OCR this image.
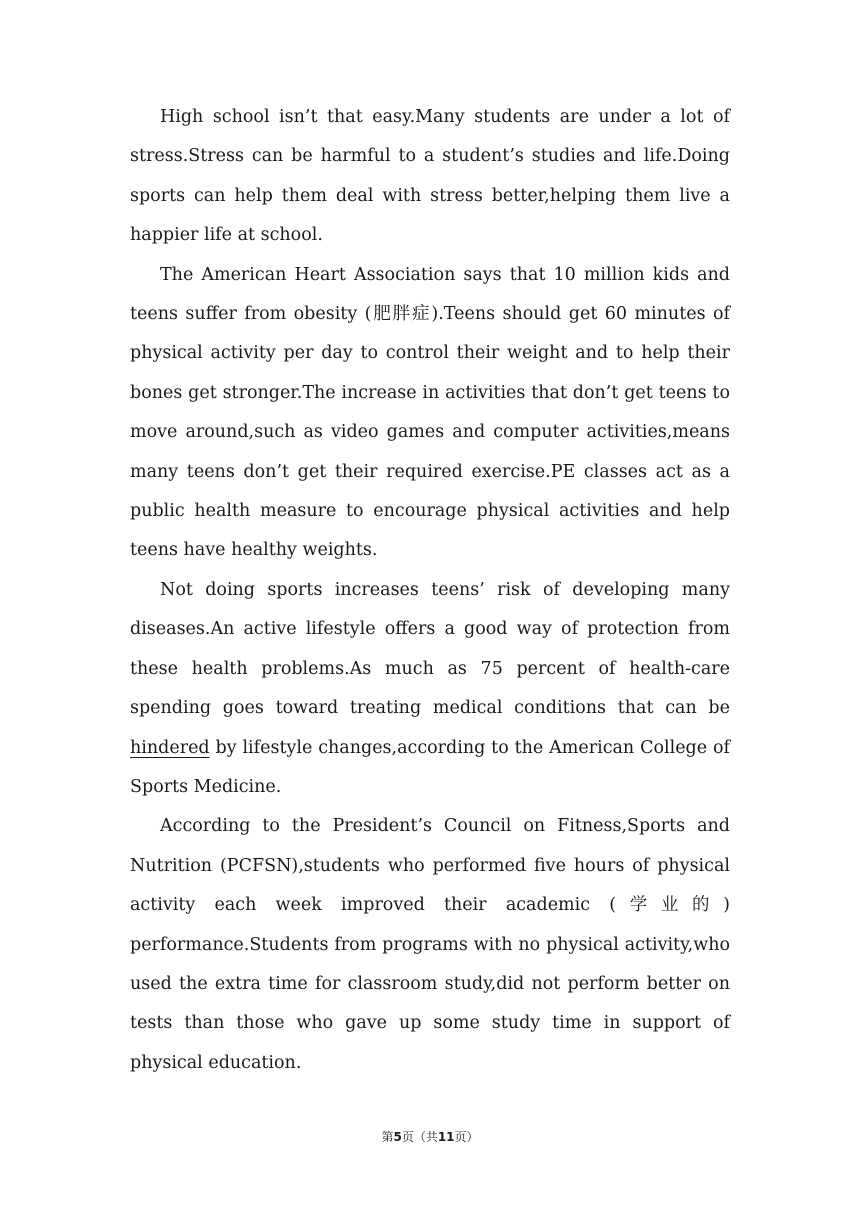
High school isn’t that easy.Many students are under a lot of stress.Stress can be harmful to a student’s studies and life.Doing sports can help them deal with stress better,helping them live a happier life at school.

The American Heart Association says that 10 million kids and teens suffer from obesity (肥胖症).Teens should get 60 minutes of physical activity per day to control their weight and to help their bones get stronger.The increase in activities that don’t get teens to move around,such as video games and computer activities,means many teens don’t get their required exercise.PE classes act as a public health measure to encourage physical activities and help teens have healthy weights.

Not doing sports increases teens’ risk of developing many diseases.An active lifestyle offers a good way of protection from these health problems.As much as 75 percent of health-care spending goes toward treating medical conditions that can be hindered by lifestyle changes,according to the American College of Sports Medicine.

According to the President’s Council on Fitness,Sports and Nutrition (PCFSN),students who performed five hours of physical activity each week improved their academic (学业的) performance.Students from programs with no physical activity,who used the extra time for classroom study,did not perform better on tests than those who gave up some study time in support of physical education.

第5页（共11页）
